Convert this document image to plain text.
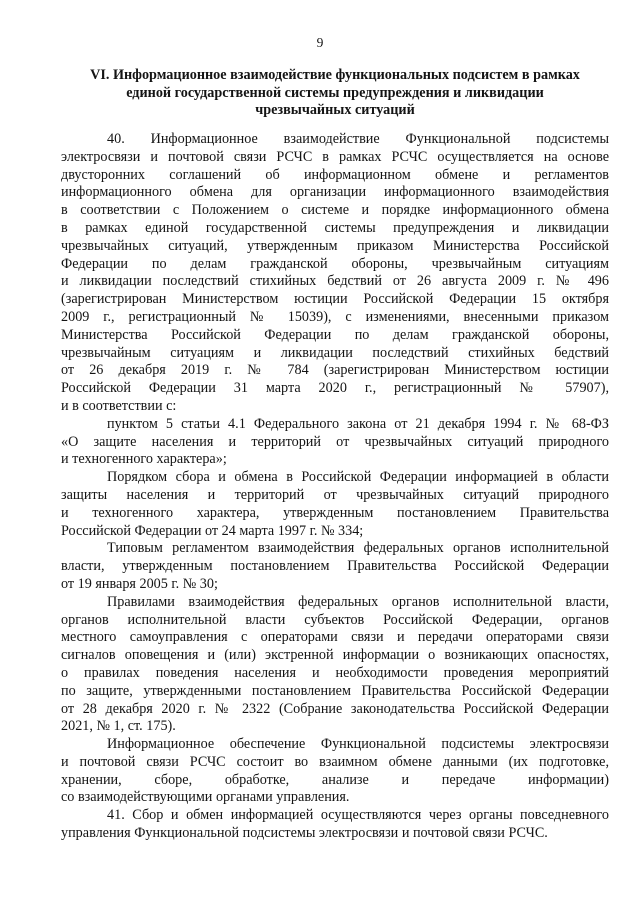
9
VI. Информационное взаимодействие функциональных подсистем в рамках
единой государственной системы предупреждения и ликвидации
чрезвычайных ситуаций
40. Информационное взаимодействие Функциональной подсистемы
электросвязи и почтовой связи РСЧС в рамках РСЧС осуществляется на основе
двусторонних соглашений об информационном обмене и регламентов
информационного обмена для организации информационного взаимодействия
в соответствии с Положением о системе и порядке информационного обмена
в рамках единой государственной системы предупреждения и ликвидации
чрезвычайных ситуаций, утвержденным приказом Министерства Российской
Федерации по делам гражданской обороны, чрезвычайным ситуациям
и ликвидации последствий стихийных бедствий от 26 августа 2009 г. № 496
(зарегистрирован Министерством юстиции Российской Федерации 15 октября
2009 г., регистрационный № 15039), с изменениями, внесенными приказом
Министерства Российской Федерации по делам гражданской обороны,
чрезвычайным ситуациям и ликвидации последствий стихийных бедствий
от 26 декабря 2019 г. № 784 (зарегистрирован Министерством юстиции
Российской Федерации 31 марта 2020 г., регистрационный № 57907),
и в соответствии с:
пунктом 5 статьи 4.1 Федерального закона от 21 декабря 1994 г. № 68-ФЗ
«О защите населения и территорий от чрезвычайных ситуаций природного
и техногенного характера»;
Порядком сбора и обмена в Российской Федерации информацией в области
защиты населения и территорий от чрезвычайных ситуаций природного
и техногенного характера, утвержденным постановлением Правительства
Российской Федерации от 24 марта 1997 г. № 334;
Типовым регламентом взаимодействия федеральных органов исполнительной
власти, утвержденным постановлением Правительства Российской Федерации
от 19 января 2005 г. № 30;
Правилами взаимодействия федеральных органов исполнительной власти,
органов исполнительной власти субъектов Российской Федерации, органов
местного самоуправления с операторами связи и передачи операторами связи
сигналов оповещения и (или) экстренной информации о возникающих опасностях,
о правилах поведения населения и необходимости проведения мероприятий
по защите, утвержденными постановлением Правительства Российской Федерации
от 28 декабря 2020 г. № 2322 (Собрание законодательства Российской Федерации
2021, № 1, ст. 175).
Информационное обеспечение Функциональной подсистемы электросвязи
и почтовой связи РСЧС состоит во взаимном обмене данными (их подготовке,
хранении, сборе, обработке, анализе и передаче информации)
со взаимодействующими органами управления.
41. Сбор и обмен информацией осуществляются через органы повседневного
управления Функциональной подсистемы электросвязи и почтовой связи РСЧС.
